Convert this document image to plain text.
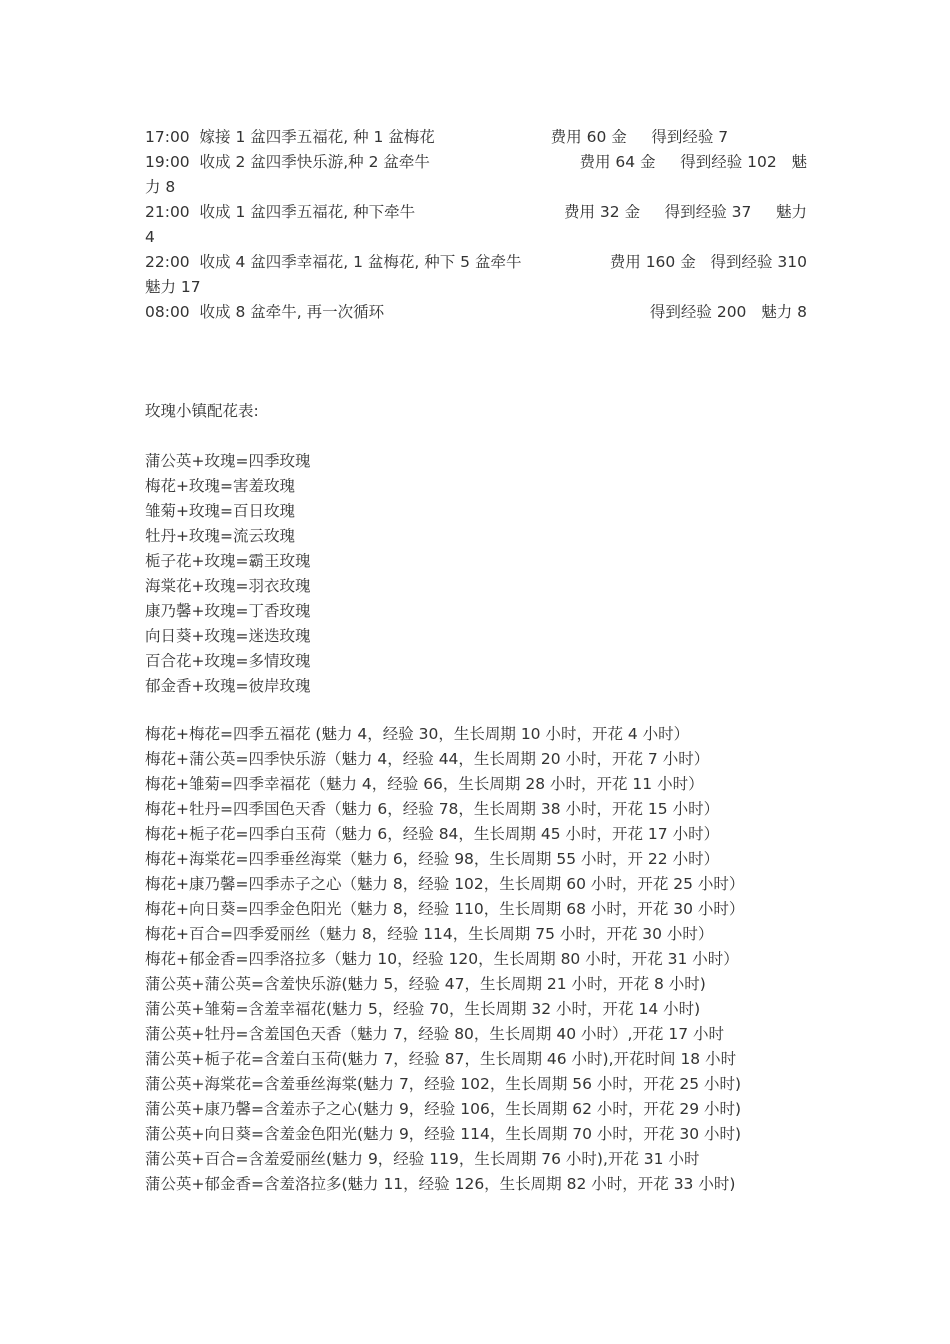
17:00  嫁接 1 盆四季五福花, 种 1 盆梅花	费用 60 金     得到经验 7
19:00  收成 2 盆四季快乐游,种 2 盆牵牛	费用 64 金     得到经验 102   魅
力 8
21:00  收成 1 盆四季五福花, 种下牵牛	费用 32 金     得到经验 37     魅力
4
22:00  收成 4 盆四季幸福花, 1 盆梅花, 种下 5 盆牵牛	费用 160 金   得到经验 310
魅力 17
08:00  收成 8 盆牵牛, 再一次循环	得到经验 200   魅力 8
玫瑰小镇配花表:
蒲公英+玫瑰=四季玫瑰
梅花+玫瑰=害羞玫瑰
雏菊+玫瑰=百日玫瑰
牡丹+玫瑰=流云玫瑰
栀子花+玫瑰=霸王玫瑰
海棠花+玫瑰=羽衣玫瑰
康乃馨+玫瑰=丁香玫瑰
向日葵+玫瑰=迷迭玫瑰
百合花+玫瑰=多情玫瑰
郁金香+玫瑰=彼岸玫瑰
梅花+梅花=四季五福花 (魅力 4，经验 30，生长周期 10 小时，开花 4 小时）
梅花+蒲公英=四季快乐游（魅力 4，经验 44，生长周期 20 小时，开花 7 小时）
梅花+雏菊=四季幸福花（魅力 4，经验 66，生长周期 28 小时，开花 11 小时）
梅花+牡丹=四季国色天香（魅力 6，经验 78，生长周期 38 小时，开花 15 小时）
梅花+栀子花=四季白玉荷（魅力 6，经验 84，生长周期 45 小时，开花 17 小时）
梅花+海棠花=四季垂丝海棠（魅力 6，经验 98，生长周期 55 小时，开 22 小时）
梅花+康乃馨=四季赤子之心（魅力 8，经验 102，生长周期 60 小时，开花 25 小时）
梅花+向日葵=四季金色阳光（魅力 8，经验 110，生长周期 68 小时，开花 30 小时）
梅花+百合=四季爱丽丝（魅力 8，经验 114，生长周期 75 小时，开花 30 小时）
梅花+郁金香=四季洛拉多（魅力 10，经验 120，生长周期 80 小时，开花 31 小时）
蒲公英+蒲公英=含羞快乐游(魅力 5，经验 47，生长周期 21 小时，开花 8 小时)
蒲公英+雏菊=含羞幸福花(魅力 5，经验 70，生长周期 32 小时，开花 14 小时)
蒲公英+牡丹=含羞国色天香（魅力 7，经验 80，生长周期 40 小时）,开花 17 小时
蒲公英+栀子花=含羞白玉荷(魅力 7，经验 87，生长周期 46 小时),开花时间 18 小时
蒲公英+海棠花=含羞垂丝海棠(魅力 7，经验 102，生长周期 56 小时，开花 25 小时)
蒲公英+康乃馨=含羞赤子之心(魅力 9，经验 106，生长周期 62 小时，开花 29 小时)
蒲公英+向日葵=含羞金色阳光(魅力 9，经验 114，生长周期 70 小时，开花 30 小时)
蒲公英+百合=含羞爱丽丝(魅力 9，经验 119，生长周期 76 小时),开花 31 小时
蒲公英+郁金香=含羞洛拉多(魅力 11，经验 126，生长周期 82 小时，开花 33 小时)
